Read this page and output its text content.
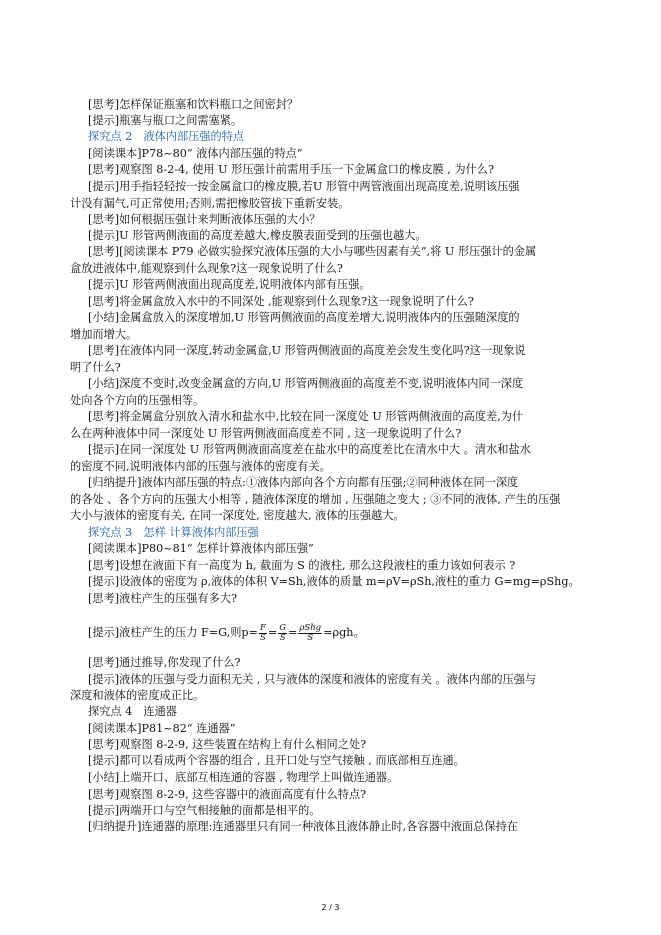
[思考]怎样保证瓶塞和饮料瓶口之间密封？
[提示]瓶塞与瓶口之间需塞紧。
探究点 2　液体内部压强的特点
[阅读课本]P78~80“ 液体内部压强的特点”
[思考]观察图 8-2-4, 使用 U 形压强计前需用手压一下金属盒口的橡皮膜 , 为什么?
[提示]用手指轻轻按一按金属盒口的橡皮膜,若U 形管中两管液面出现高度差,说明该压强
计没有漏气,可正常使用;否则,需把橡胶管拔下重新安装。
[思考]如何根据压强计来判断液体压强的大小？
[提示]U 形管两侧液面的高度差越大,橡皮膜表面受到的压强也越大。
[思考][阅读课本 P79 必做实验探究液体压强的大小与哪些因素有关”,将 U 形压强计的金属
盒放进液体中,能观察到什么现象?这一现象说明了什么?
[提示]U 形管两侧液面出现高度差,说明液体内部有压强。
[思考]将金属盒放入水中的不同深处 ,能观察到什么现象?这一现象说明了什么?
[小结]金属盒放入的深度增加,U 形管两侧液面的高度差增大,说明液体内的压强随深度的
增加而增大。
[思考]在液体内同一深度,转动金属盒,U 形管两侧液面的高度差会发生变化吗?这一现象说
明了什么?
[小结]深度不变时,改变金属盒的方向,U 形管两侧液面的高度差不变,说明液体内同一深度
处向各个方向的压强相等。
[思考]将金属盒分别放入清水和盐水中,比较在同一深度处 U 形管两侧液面的高度差,为什
么在两种液体中同一深度处 U 形管两侧液面高度差不同 , 这一现象说明了什么?
[提示]在同一深度处 U 形管两侧液面高度差在盐水中的高度差比在清水中大 。清水和盐水
的密度不同,说明液体内部的压强与液体的密度有关。
[归纳提升]液体内部压强的特点:①液体内部向各个方向都有压强;②同种液体在同一深度
的各处 、各个方向的压强大小相等 , 随液体深度的增加 , 压强随之变大 ; ③不同的液体, 产生的压强
大小与液体的密度有关, 在同一深度处, 密度越大, 液体的压强越大。
探究点 3　怎样 计算液体内部压强
[阅读课本]P80~81“ 怎样计算液体内部压强”
[思考]设想在液面下有一高度为 h, 截面为 S 的液柱, 那么这段液柱的重力该如何表示 ?
[提示]设液体的密度为 ρ,液体的体积 V=Sh,液体的质量 m=ρV=ρSh,液柱的重力 G=mg=ρShg。
[思考]液柱产生的压强有多大?
[提示]液柱产生的压力 F=G,则$p= \frac{F}{S} = \frac{G}{S} = \frac{\text{ρShg}}{S} =\rho gh$。
[思考]通过推导,你发现了什么?
[提示]液体的压强与受力面积无关 , 只与液体的深度和液体的密度有关 。液体内部的压强与
深度和液体的密度成正比。
探究点 4　连通器
[阅读课本]P81~82“ 连通器”
[思考]观察图 8-2-9, 这些装置在结构上有什么相同之处?
[提示]都可以看成两个容器的组合 , 且开口处与空气接触 , 而底部相互连通。
[小结]上端开口、底部互相连通的容器 , 物理学上叫做连通器。
[思考]观察图 8-2-9, 这些容器中的液面高度有什么特点?
[提示]两端开口与空气相接触的面都是相平的。
[归纳提升]连通器的原理:连通器里只有同一种液体且液体静止时,各容器中液面总保持在
2 / 3
